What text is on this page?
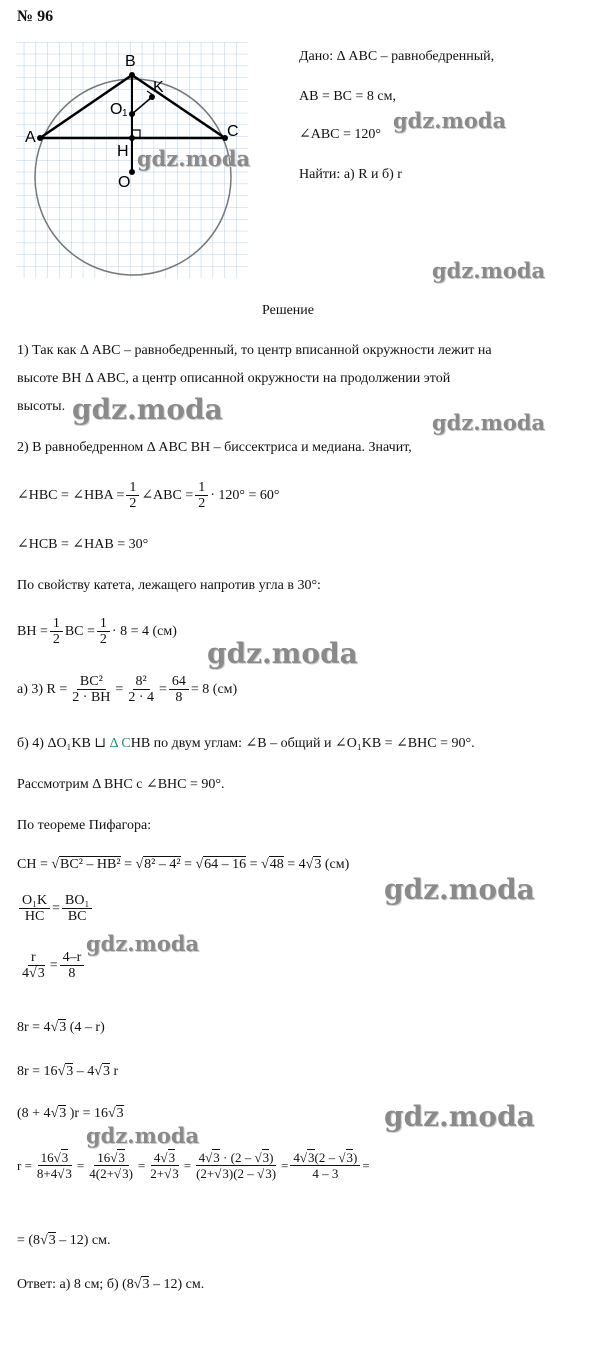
№ 96
A
B
C
K
O 1
H
O
Дано: Δ ABC – равнобедренный,
AB = BC = 8 см,
∠ABC = 120°
Найти: а) R и б) r
Решение
1) Так как Δ ABC – равнобедренный, то центр вписанной окружности лежит на
высоте BH Δ ABC, а центр описанной окружности на продолжении этой
высоты.
2) В равнобедренном Δ ABC BH – биссектриса и медиана. Значит,
∠HBC = ∠HBA = $\frac{1}{2}$ ∠ABC = $\frac{1}{2} \cdot 120^\circ = 60^\circ$
∠HCB = ∠HAB = 30°
По свойству катета, лежащего напротив угла в 30°:
BH = $\frac{1}{2}$ BC = $\frac{1}{2} \cdot 8 = 4$ (см)
а) 3) $R = \frac{\text{BC²}}{2 \cdot BH} = \frac{\text{8²}}{2 \cdot 4} = \frac{64}{8} = 8$ (см)
б) 4) ΔO₁KB ⊔ Δ CHB по двум углам: ∠B – общий и ∠O₁KB = ∠BHC = 90°.
Рассмотрим Δ BHC с ∠BHC = 90°.
По теореме Пифагора:
CH = √BC² – HB² = √8² – 4² = √64 – 16 = √48 = 4√3 (см)
$\frac{\text{O₁K}}{HC} = \frac{\text{BO₁}}{BC}$
$\frac{r}{4√3} = \frac{4-r}{8}$
8r = 4√3 (4 – r)
8r = 16√3 – 4√3 r
(8 + 4√3 )r = 16√3
$r = \frac{16√3}{8+4√3} = \frac{16√3}{4(2+√3)} = \frac{4√3}{2+√3} = \frac{4√3 \cdot (2 - √3)}{(2+√3)(2 - √3)} = \frac{4√3(2 - √3)}{4 - 3}$ =
= (8√3 – 12) см.
Ответ: а) 8 см; б) (8√3 – 12) см.
gdz.moda
gdz.moda
gdz.moda
gdz.moda	gdz.moda
gdz.moda
gdz.moda
gdz.moda
gdz.moda
gdz.moda
